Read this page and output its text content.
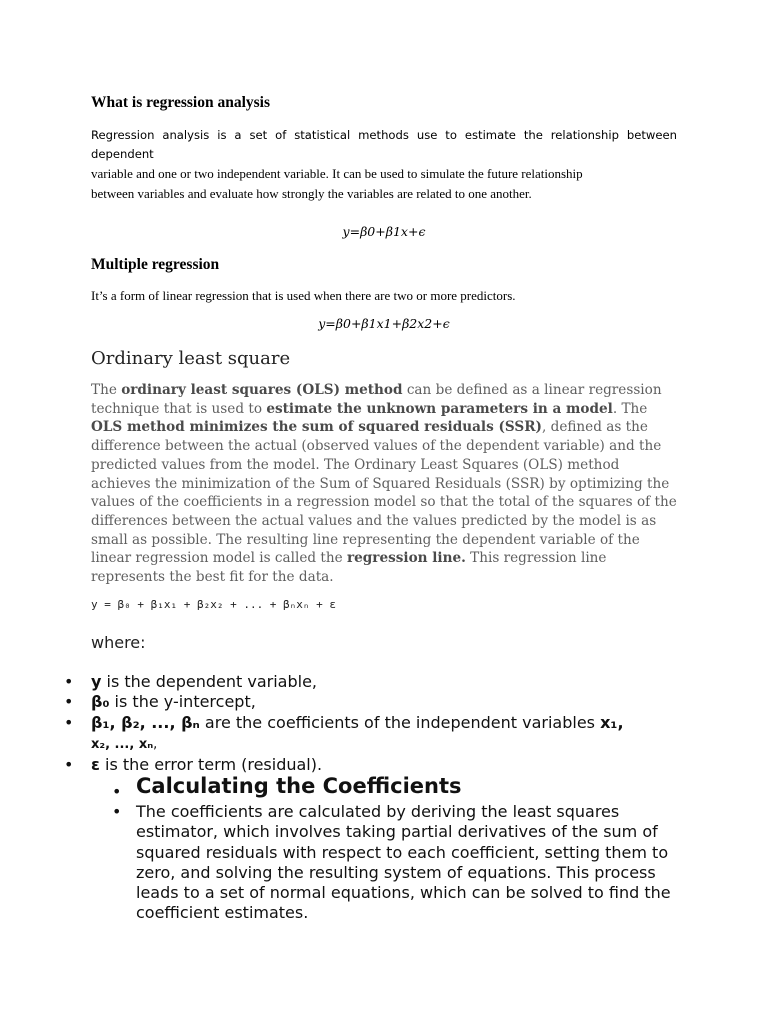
What is regression analysis
Regression analysis is a set of statistical methods use to estimate the relationship between dependent
variable and one or two independent variable. It can be used to simulate the future relationship
between variables and evaluate how strongly the variables are related to one another.
y=β0+β1x+ϵ
Multiple regression
It’s a form of linear regression that is used when there are two or more predictors.
y=β0+β1x1+β2x2+ϵ
Ordinary least square
The ordinary least squares (OLS) method can be defined as a linear regression technique that is used to estimate the unknown parameters in a model. The OLS method minimizes the sum of squared residuals (SSR), defined as the difference between the actual (observed values of the dependent variable) and the predicted values from the model. The Ordinary Least Squares (OLS) method achieves the minimization of the Sum of Squared Residuals (SSR) by optimizing the values of the coefficients in a regression model so that the total of the squares of the differences between the actual values and the values predicted by the model is as small as possible. The resulting line representing the dependent variable of the linear regression model is called the regression line. This regression line represents the best fit for the data.
y = β₀ + β₁x₁ + β₂x₂ + ... + βₙxₙ + ε
where:
• y is the dependent variable,
• β₀ is the y-intercept,
• β₁, β₂, ..., βₙ are the coefficients of the independent variables x₁,
x₂, ..., xₙ,
• ε is the error term (residual).
• Calculating the Coefficients
• The coefficients are calculated by deriving the least squares estimator, which involves taking partial derivatives of the sum of squared residuals with respect to each coefficient, setting them to zero, and solving the resulting system of equations. This process leads to a set of normal equations, which can be solved to find the coefficient estimates.
